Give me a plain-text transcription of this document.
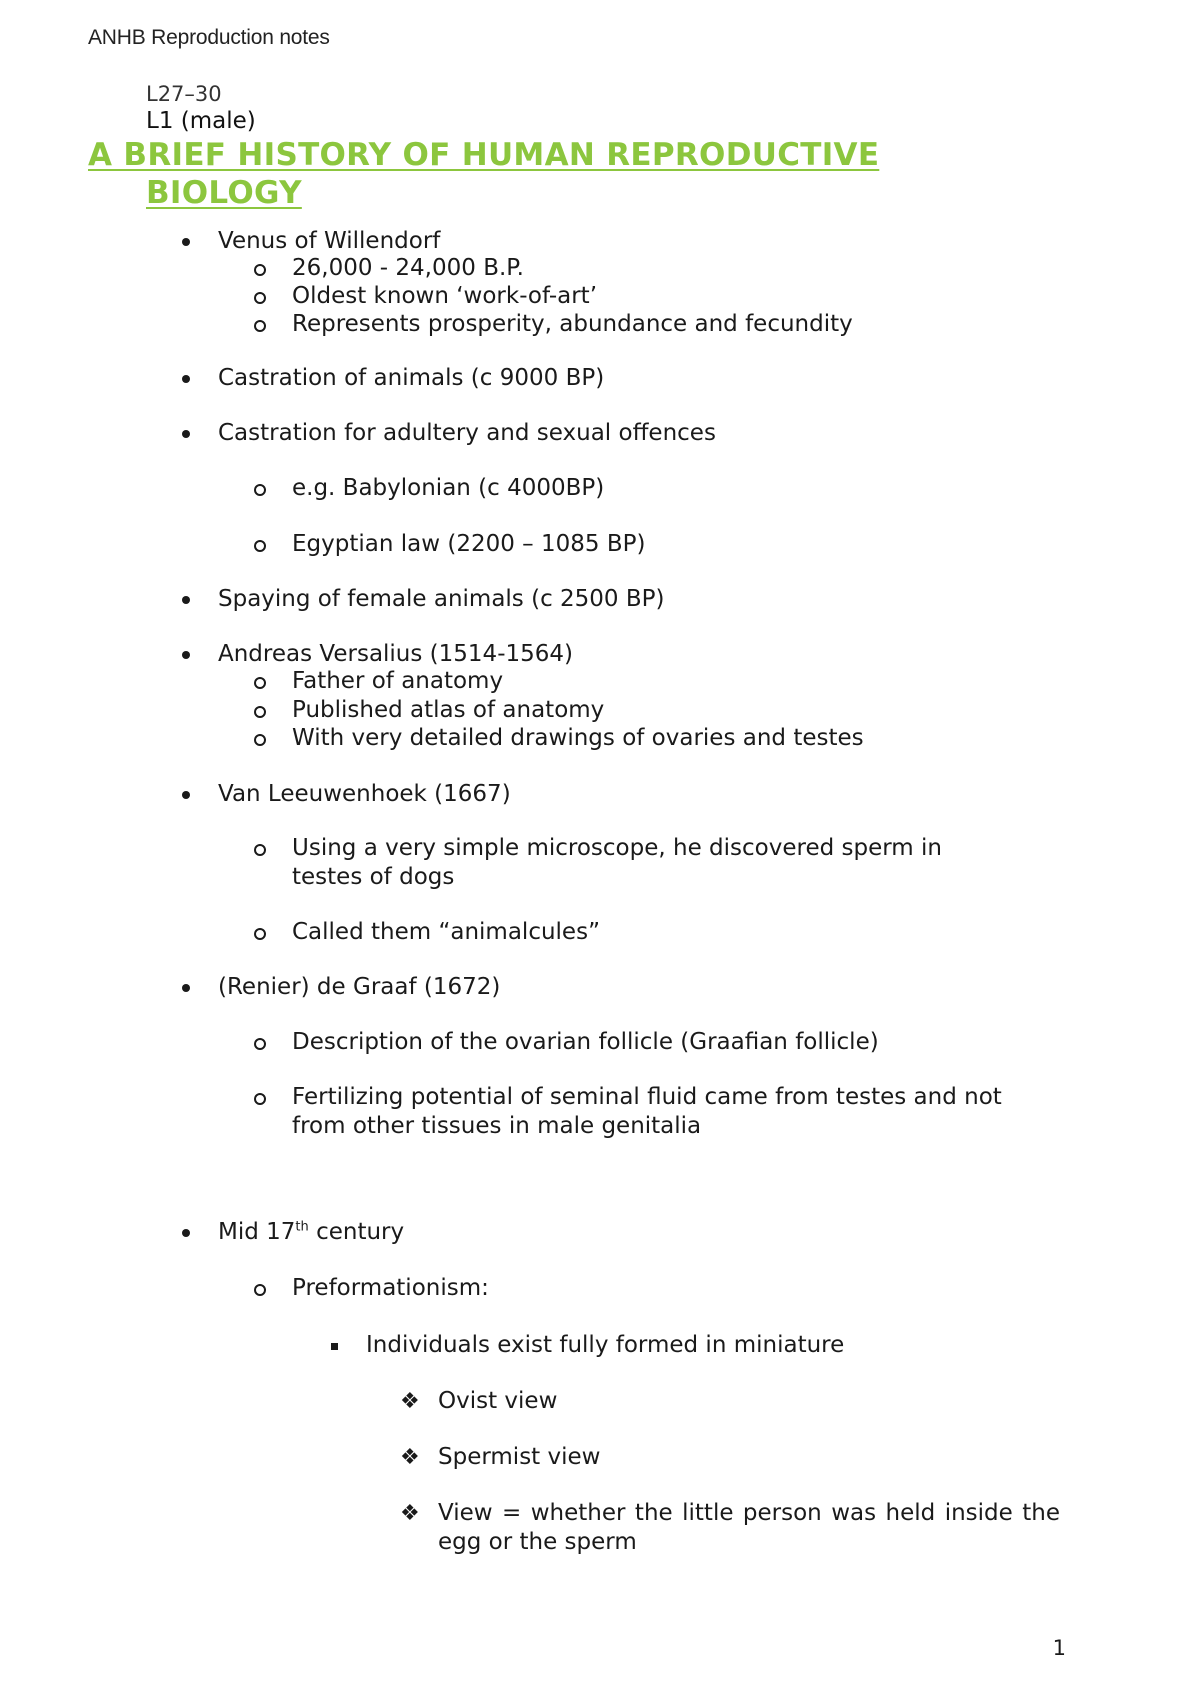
ANHB Reproduction notes
L27–30
L1 (male)
A BRIEF HISTORY OF HUMAN REPRODUCTIVE
BIOLOGY
Venus of Willendorf
26,000 - 24,000 B.P.
Oldest known ‘work-of-art’
Represents prosperity, abundance and fecundity
Castration of animals (c 9000 BP)
Castration for adultery and sexual offences
e.g. Babylonian (c 4000BP)
Egyptian law (2200 – 1085 BP)
Spaying of female animals (c 2500 BP)
Andreas Versalius (1514-1564)
Father of anatomy
Published atlas of anatomy
With very detailed drawings of ovaries and testes
Van Leeuwenhoek (1667)
Using a very simple microscope, he discovered sperm in testes of dogs
Called them “animalcules”
(Renier) de Graaf (1672)
Description of the ovarian follicle (Graafian follicle)
Fertilizing potential of seminal fluid came from testes and not from other tissues in male genitalia
Mid 17th century
Preformationism:
Individuals exist fully formed in miniature
❖ Ovist view
❖ Spermist view
❖ View = whether the little person was held inside the egg or the sperm
1
